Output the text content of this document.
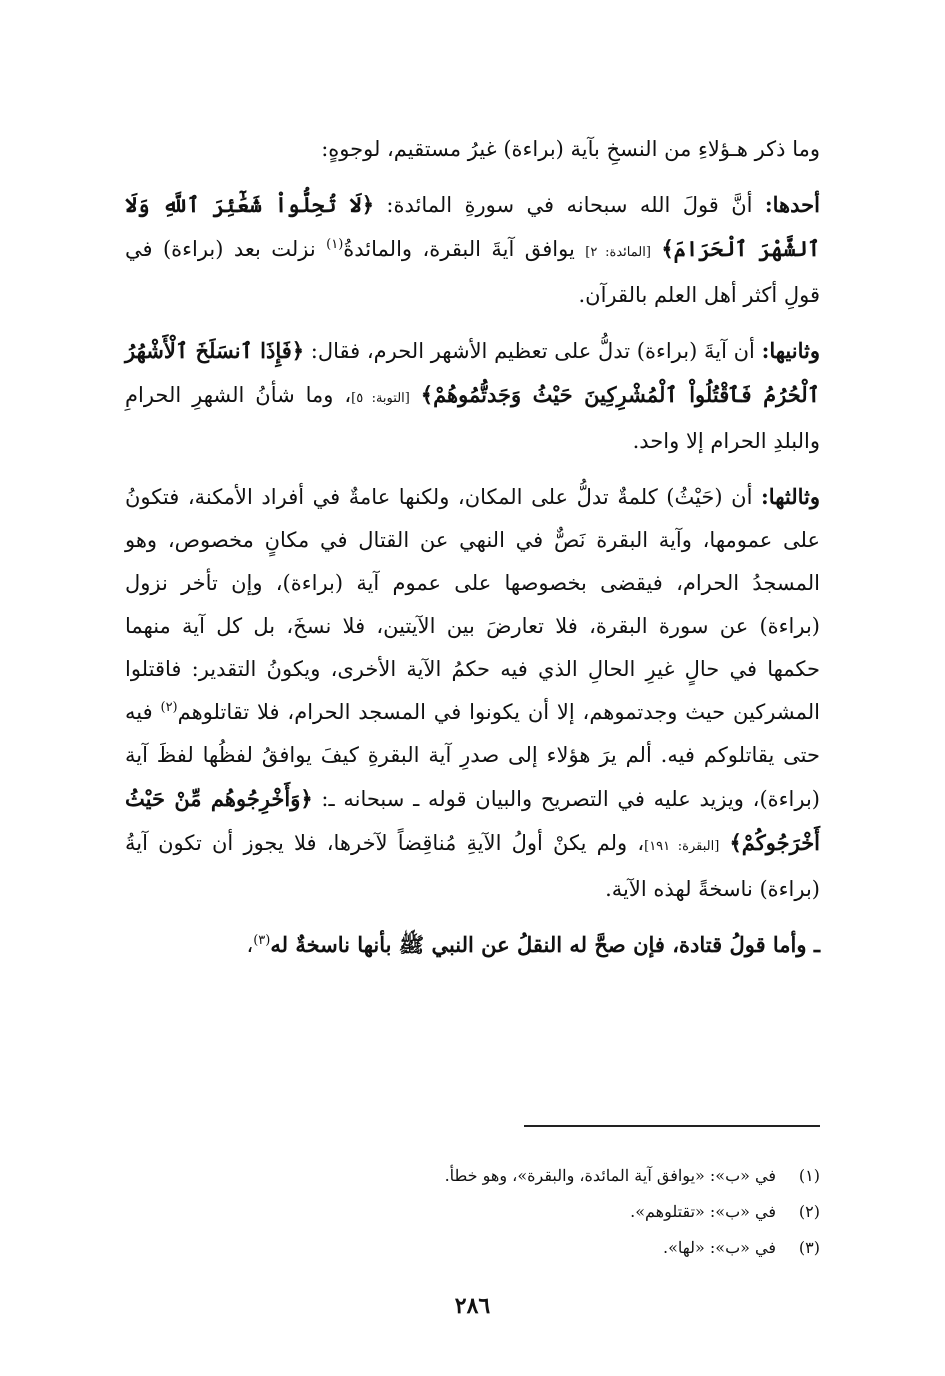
وما ذكر هـؤلاءِ من النسخِ بآية (براءة) غيرُ مستقيم، لوجوهٍ:

أحدها: أنَّ قولَ الله سبحانه في سورةِ المائدة: ﴿لَا تُحِلُّواْ شَعَٰٓئِرَ ٱللَّهِ وَلَا ٱلشَّهْرَ ٱلْحَرَامَ﴾ [المائدة: ٢] يوافق آيةَ البقرة، والمائدةُ$^{(١)}$ نزلت بعد (براءة) في قولِ أكثر أهل العلم بالقرآن.

وثانيها: أن آيةَ (براءة) تدلُّ على تعظيم الأشهر الحرم، فقال: ﴿فَإِذَا ٱنسَلَخَ ٱلْأَشْهُرُ ٱلْحُرُمُ فَٱقْتُلُواْ ٱلْمُشْرِكِينَ حَيْثُ وَجَدتُّمُوهُمْ﴾ [التوبة: ٥]، وما شأنُ الشهرِ الحرامِ والبلدِ الحرام إلا واحد.

وثالثها: أن (حَيْثُ) كلمةٌ تدلُّ على المكان، ولكنها عامةٌ في أفراد الأمكنة، فتكونُ على عمومها، وآية البقرة نَصٌّ في النهي عن القتال في مكانٍ مخصوص، وهو المسجدُ الحرام، فيقضى بخصوصها على عموم آية (براءة)، وإن تأخر نزول (براءة) عن سورة البقرة، فلا تعارضَ بين الآيتين، فلا نسخَ، بل كل آية منهما حكمها في حالٍ غيرِ الحالِ الذي فيه حكمُ الآية الأخرى، ويكونُ التقدير: فاقتلوا المشركين حيث وجدتموهم، إلا أن يكونوا في المسجد الحرام، فلا تقاتلوهم$^{(٢)}$ فيه حتى يقاتلوكم فيه. ألم يرَ هؤلاء إلى صدرِ آية البقرةِ كيفَ يوافقُ لفظُها لفظَ آية (براءة)، ويزيد عليه في التصريح والبيان قوله ـ سبحانه ـ: ﴿وَأَخْرِجُوهُم مِّنْ حَيْثُ أَخْرَجُوكُمْ﴾ [البقرة: ١٩١]، ولم يكنْ أولُ الآيةِ مُناقِضاً لآخرها، فلا يجوز أن تكون آيةُ (براءة) ناسخةً لهذه الآية.

ـ وأما قولُ قتادة، فإن صحَّ له النقلُ عن النبي ﷺ بأنها ناسخةٌ له$^{(٣)}$،

(١)
في «ب»: «يوافق آية المائدة، والبقرة»، وهو خطأ.
(٢)
في «ب»: «تقتلوهم».
(٣)
في «ب»: «لها».
٢٨٦
